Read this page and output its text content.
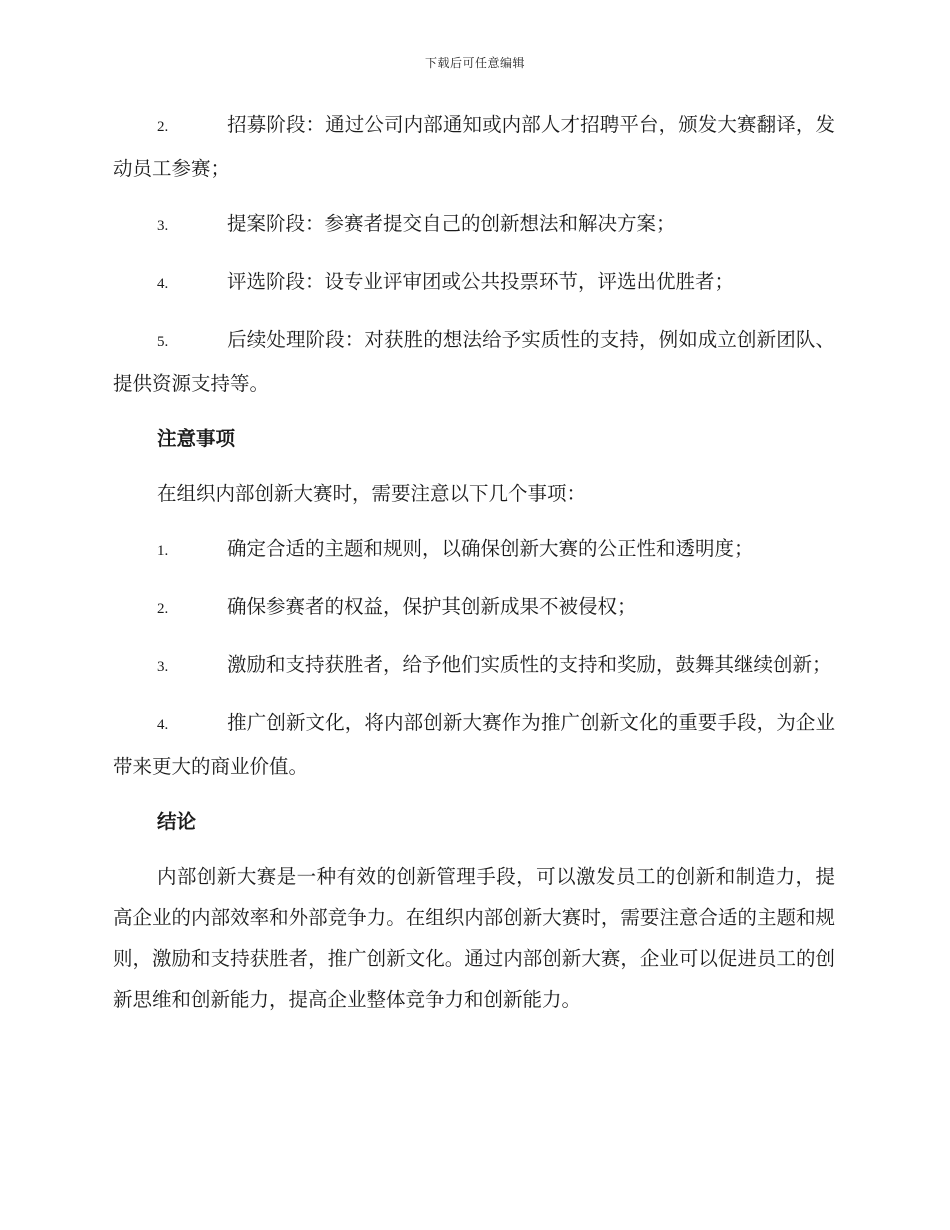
下载后可任意编辑

2.	招募阶段：通过公司内部通知或内部人才招聘平台，颁发大赛翻译，发动员工参赛；

3.	提案阶段：参赛者提交自己的创新想法和解决方案；

4.	评选阶段：设专业评审团或公共投票环节，评选出优胜者；

5.	后续处理阶段：对获胜的想法给予实质性的支持，例如成立创新团队、提供资源支持等。

注意事项

在组织内部创新大赛时，需要注意以下几个事项：

1.	确定合适的主题和规则，以确保创新大赛的公正性和透明度；

2.	确保参赛者的权益，保护其创新成果不被侵权；

3.	激励和支持获胜者，给予他们实质性的支持和奖励，鼓舞其继续创新；

4.	推广创新文化，将内部创新大赛作为推广创新文化的重要手段，为企业带来更大的商业价值。

结论

内部创新大赛是一种有效的创新管理手段，可以激发员工的创新和制造力，提高企业的内部效率和外部竞争力。在组织内部创新大赛时，需要注意合适的主题和规则，激励和支持获胜者，推广创新文化。通过内部创新大赛，企业可以促进员工的创新思维和创新能力，提高企业整体竞争力和创新能力。
